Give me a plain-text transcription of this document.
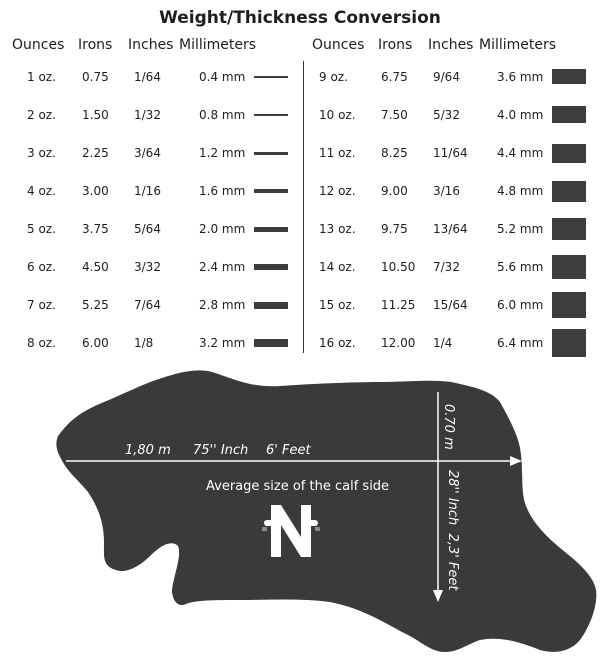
Weight/Thickness Conversion
Ounces Irons Inches Millimeters	Ounces Irons Inches Millimeters
1 oz. 0.75 1/64	0.4 mm
2 oz. 1.50 1/32	0.8 mm
3 oz. 2.25 3/64	1.2 mm
4 oz. 3.00 1/16	1.6 mm
5 oz. 3.75 5/64	2.0 mm
6 oz. 4.50 3/32	2.4 mm
7 oz. 5.25 7/64	2.8 mm
8 oz. 6.00 1/8	3.2 mm
9 oz.	6.75 9/64	3.6 mm
10 oz. 7.50 5/32	4.0 mm
11 oz. 8.25 11/64 4.4 mm
12 oz. 9.00 3/16	4.8 mm
13 oz. 9.75 13/64 5.2 mm
14 oz. 10.50 7/32	5.6 mm
15 oz. 11.25 15/64 6.0 mm
16 oz. 12.00 1/4	6.4 mm
1,80 m 75'' Inch 6' Feet
Average size of the calf side
0.70 m
28'' Inch  2,3' Feet
